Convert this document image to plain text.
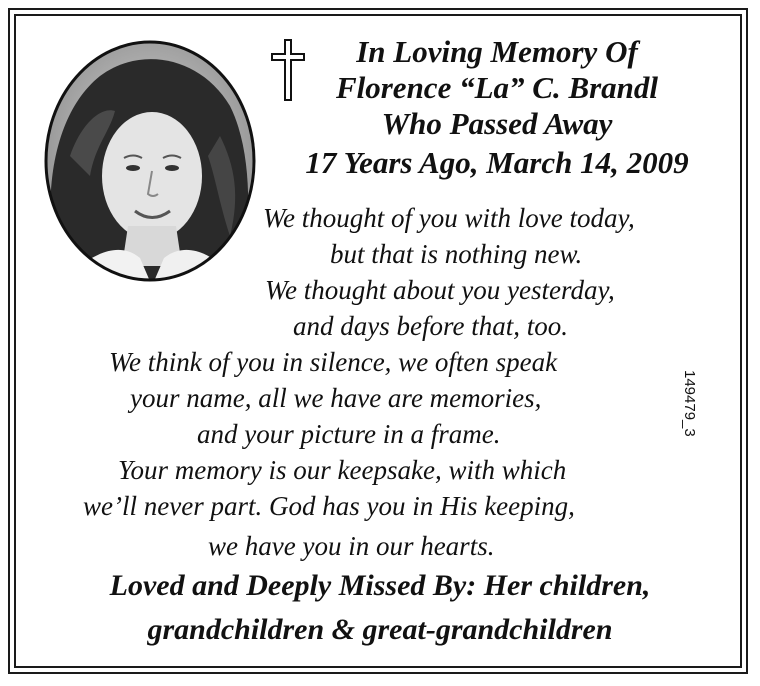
In Loving Memory Of
Florence “La” C. Brandl
Who Passed Away
17 Years Ago, March 14, 2009
We thought of you with love today,
but that is nothing new.
We thought about you yesterday,
and days before that, too.
We think of you in silence, we often speak
your name, all we have are memories,
and your picture in a frame.
Your memory is our keepsake, with which
we’ll never part. God has you in His keeping,
we have you in our hearts.
Loved and Deeply Missed By: Her children,
grandchildren & great-grandchildren
149479_3
